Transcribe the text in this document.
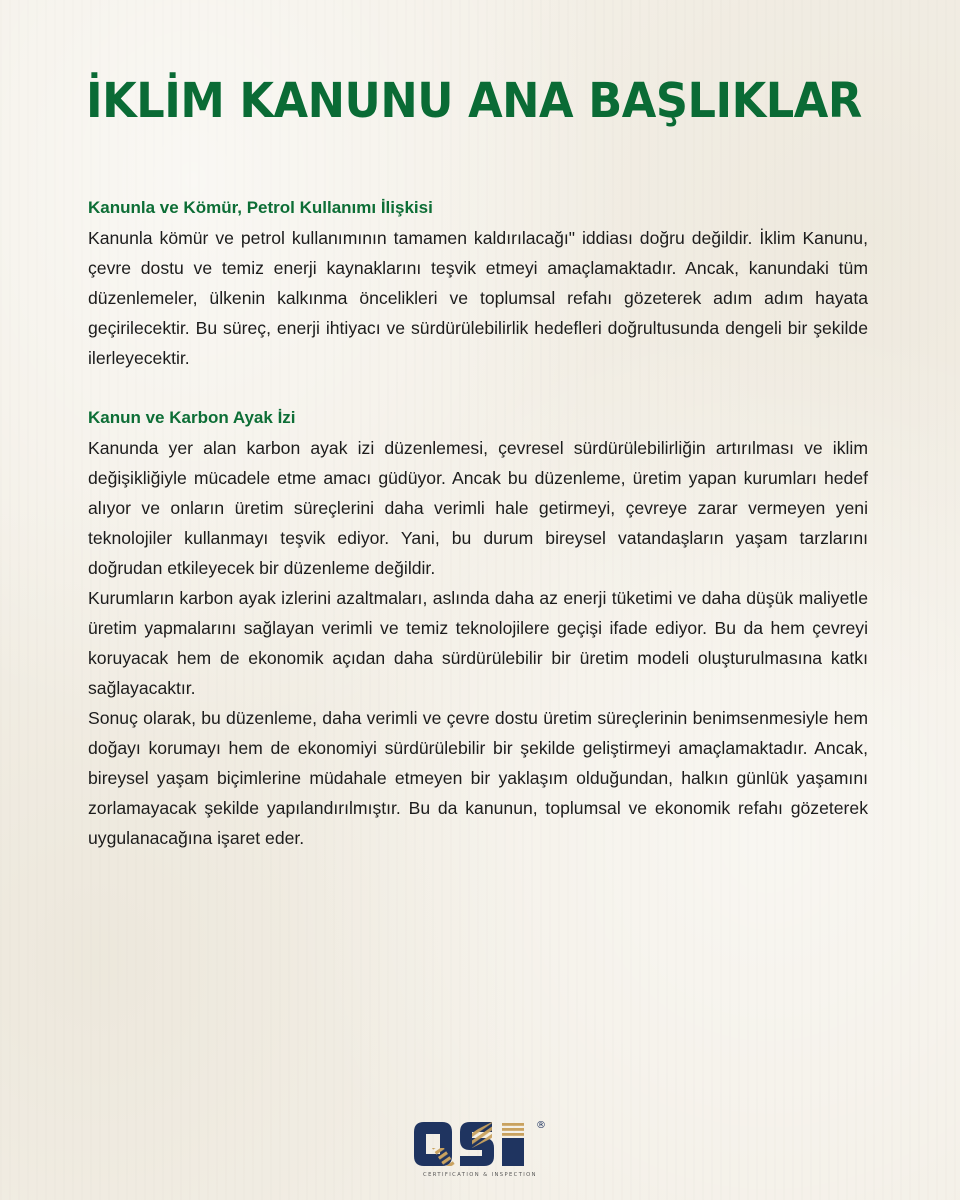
İKLİM KANUNU ANA BAŞLIKLAR
Kanunla ve Kömür, Petrol Kullanımı İlişkisi

Kanunla kömür ve petrol kullanımının tamamen kaldırılacağı" iddiası doğru değildir. İklim Kanunu, çevre dostu ve temiz enerji kaynaklarını teşvik etmeyi amaçlamaktadır. Ancak, kanundaki tüm düzenlemeler, ülkenin kalkınma öncelikleri ve toplumsal refahı gözeterek adım adım hayata geçirilecektir. Bu süreç, enerji ihtiyacı ve sürdürülebilirlik hedefleri doğrultusunda dengeli bir şekilde ilerleyecektir.

Kanun ve Karbon Ayak İzi

Kanunda yer alan karbon ayak izi düzenlemesi, çevresel sürdürülebilirliğin artırılması ve iklim değişikliğiyle mücadele etme amacı güdüyor. Ancak bu düzenleme, üretim yapan kurumları hedef alıyor ve onların üretim süreçlerini daha verimli hale getirmeyi, çevreye zarar vermeyen yeni teknolojiler kullanmayı teşvik ediyor. Yani, bu durum bireysel vatandaşların yaşam tarzlarını doğrudan etkileyecek bir düzenleme değildir.

Kurumların karbon ayak izlerini azaltmaları, aslında daha az enerji tüketimi ve daha düşük maliyetle üretim yapmalarını sağlayan verimli ve temiz teknolojilere geçişi ifade ediyor. Bu da hem çevreyi koruyacak hem de ekonomik açıdan daha sürdürülebilir bir üretim modeli oluşturulmasına katkı sağlayacaktır.

Sonuç olarak, bu düzenleme, daha verimli ve çevre dostu üretim süreçlerinin benimsenmesiyle hem doğayı korumayı hem de ekonomiyi sürdürülebilir bir şekilde geliştirmeyi amaçlamaktadır. Ancak, bireysel yaşam biçimlerine müdahale etmeyen bir yaklaşım olduğundan, halkın günlük yaşamını zorlamayacak şekilde yapılandırılmıştır. Bu da kanunun, toplumsal ve ekonomik refahı gözeterek uygulanacağına işaret eder.

®
CERTIFICATION & INSPECTION
